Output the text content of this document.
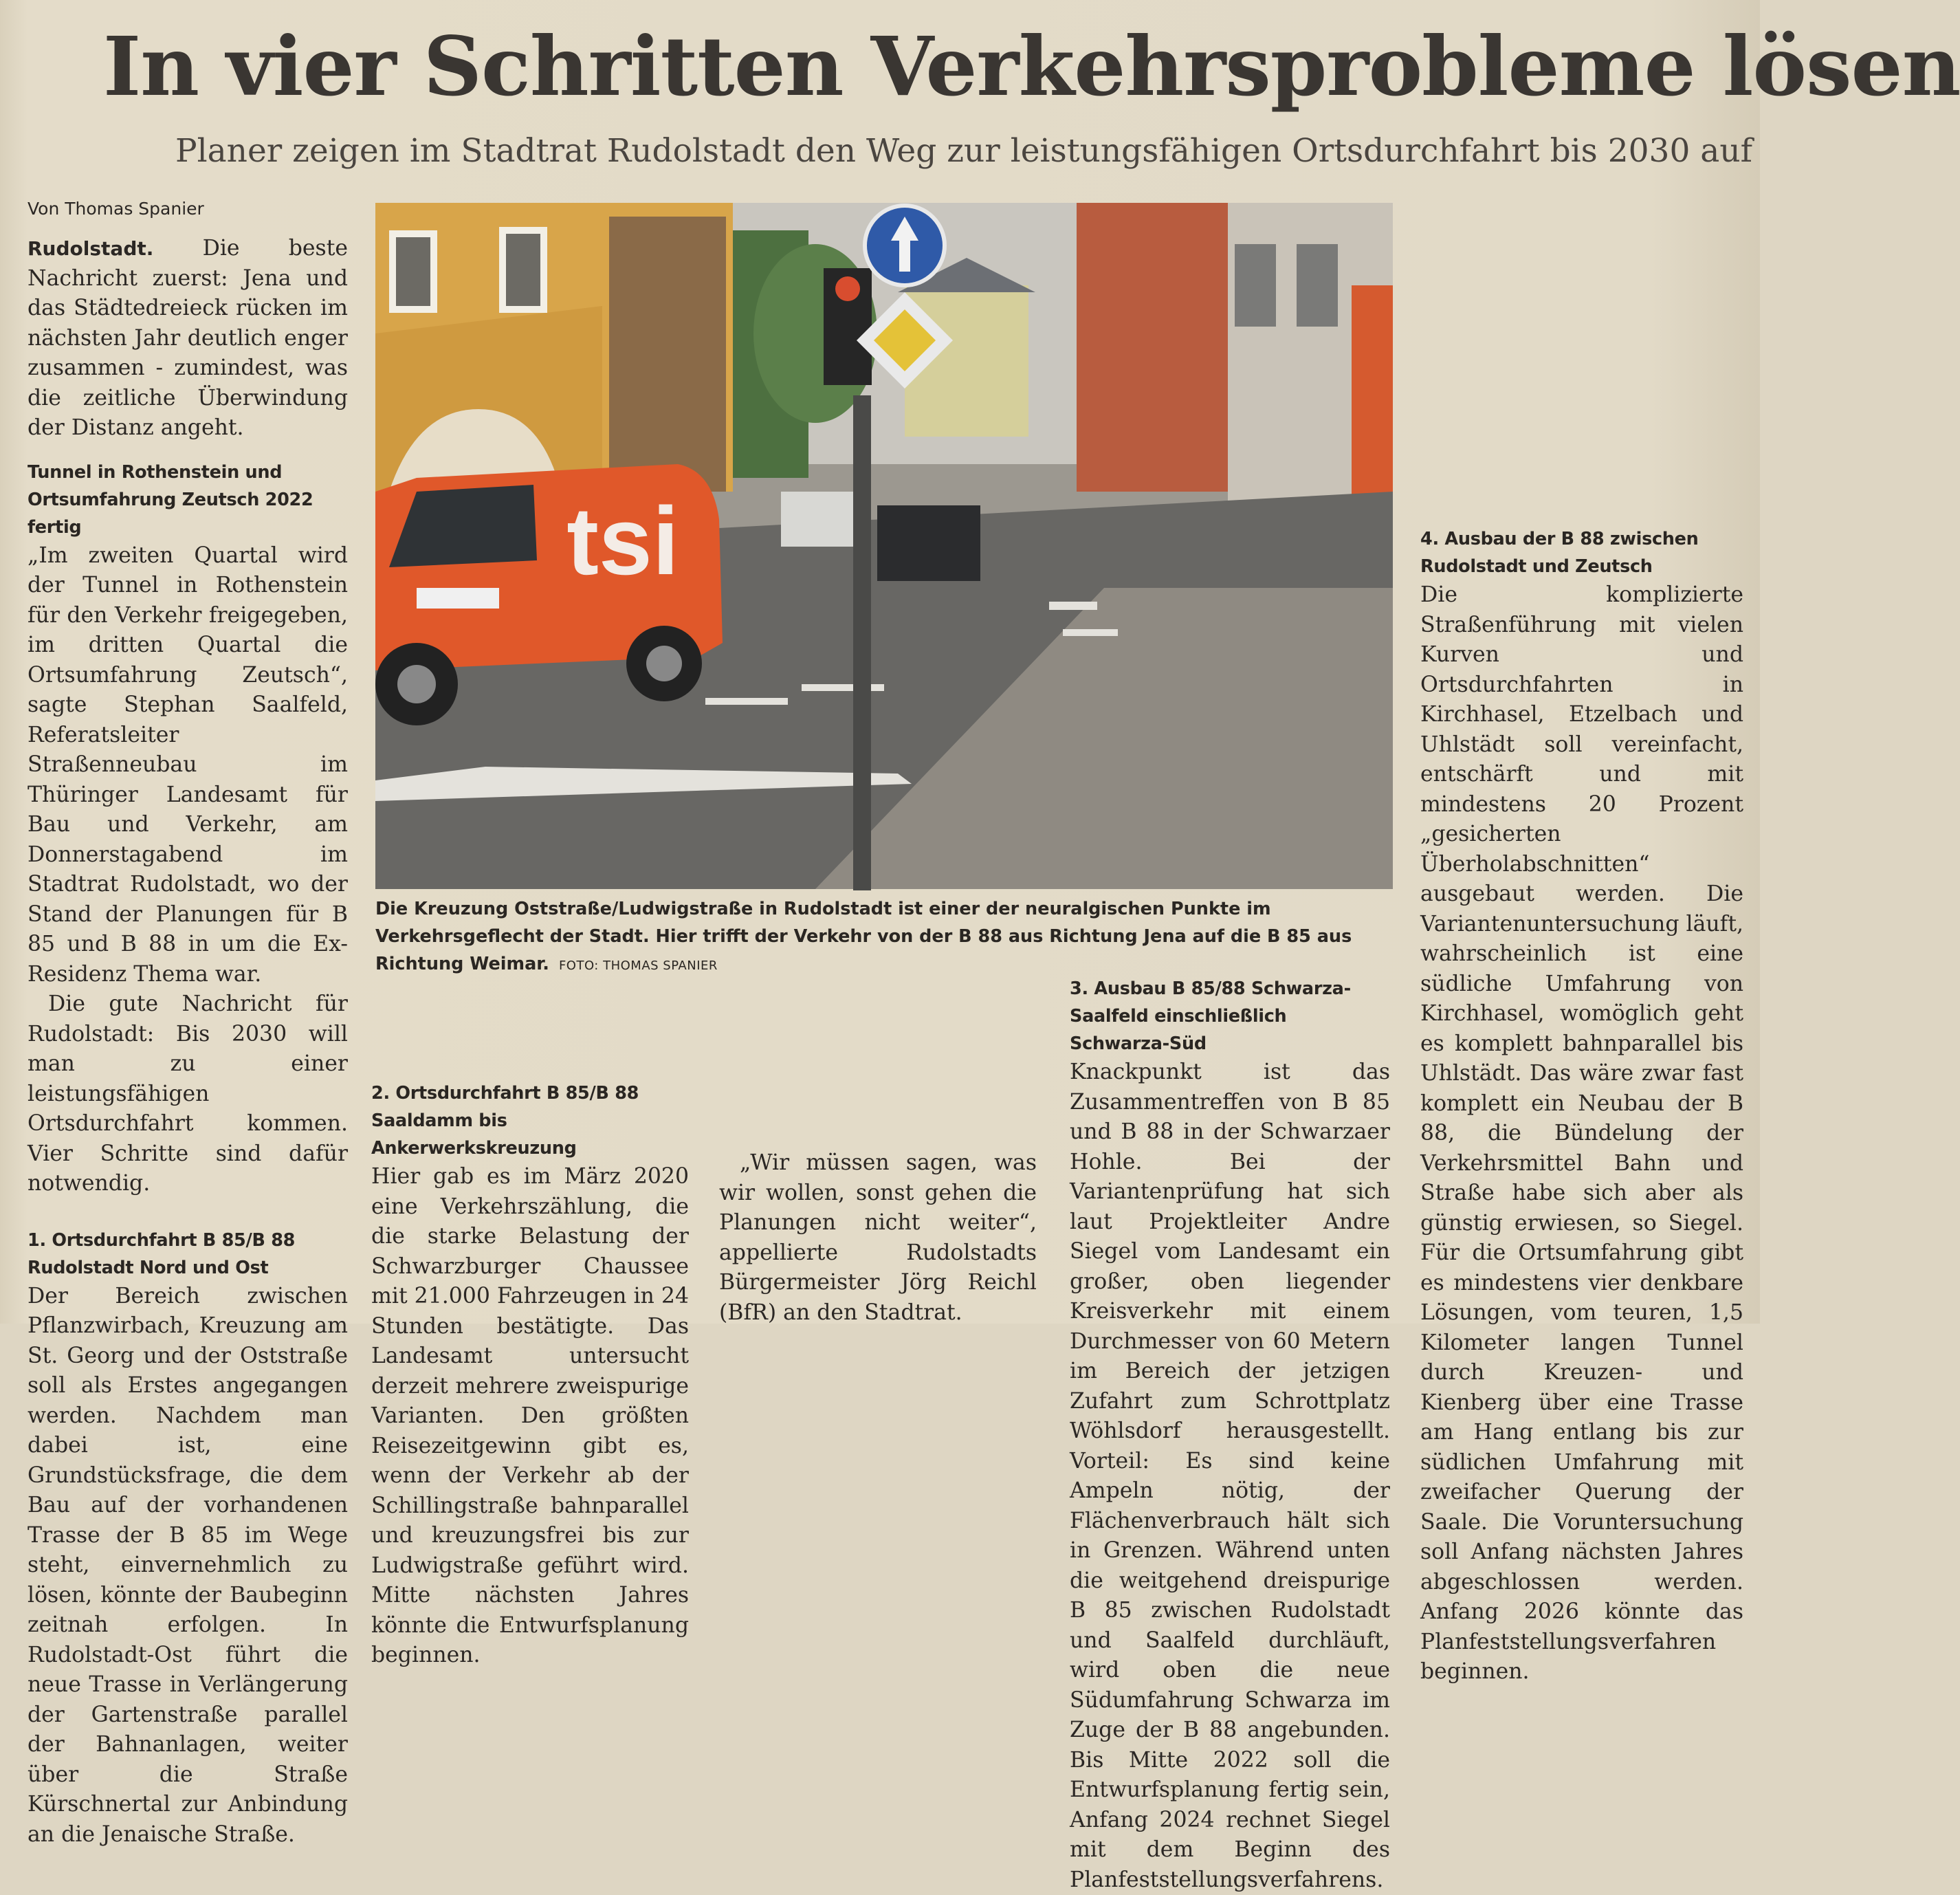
In vier Schritten Verkehrsprobleme lösen
Planer zeigen im Stadtrat Rudolstadt den Weg zur leistungsfähigen Ortsdurchfahrt bis 2030 auf
Von Thomas Spanier

Rudolstadt. Die beste Nachricht zuerst: Jena und das Städtedreieck rücken im nächsten Jahr deutlich enger zusammen - zumindest, was die zeitliche Überwindung der Distanz angeht.

Tunnel in Rothenstein und Ortsumfahrung Zeutsch 2022 fertig

„Im zweiten Quartal wird der Tunnel in Rothenstein für den Verkehr freigegeben, im dritten Quartal die Ortsumfahrung Zeutsch“, sagte Stephan Saalfeld, Referatsleiter Straßenneubau im Thüringer Landesamt für Bau und Verkehr, am Donnerstagabend im Stadtrat Rudolstadt, wo der Stand der Planungen für B 85 und B 88 in um die Ex-Residenz Thema war.

Die gute Nachricht für Rudolstadt: Bis 2030 will man zu einer leistungsfähigen Ortsdurchfahrt kommen. Vier Schritte sind dafür notwendig.

1. Ortsdurchfahrt B 85/B 88 Rudolstadt Nord und Ost

Der Bereich zwischen Pflanzwirbach, Kreuzung am St. Georg und der Oststraße soll als Erstes angegangen werden. Nachdem man dabei ist, eine Grundstücksfrage, die dem Bau auf der vorhandenen Trasse der B 85 im Wege steht, einvernehmlich zu lösen, könnte der Baubeginn zeitnah erfolgen. In Rudolstadt-Ost führt die neue Trasse in Verlängerung der Gartenstraße parallel der Bahnanlagen, weiter über die Straße Kürschnertal zur Anbindung an die Jenaische Straße.

tsi
Die Kreuzung Oststraße/Ludwigstraße in Rudolstadt ist einer der neuralgischen Punkte im Verkehrsgeflecht der Stadt. Hier trifft der Verkehr von der B 88 aus Richtung Jena auf die B 85 aus Richtung Weimar. FOTO: THOMAS SPANIER

2. Ortsdurchfahrt B 85/B 88 Saaldamm bis Ankerwerkskreuzung

Hier gab es im März 2020 eine Verkehrszählung, die die starke Belastung der Schwarzburger Chaussee mit 21.000 Fahrzeugen in 24 Stunden bestätigte. Das Landesamt untersucht derzeit mehrere zweispurige Varianten. Den größten Reisezeitgewinn gibt es, wenn der Verkehr ab der Schillingstraße bahnparallel und kreuzungsfrei bis zur Ludwigstraße geführt wird. Mitte nächsten Jahres könnte die Entwurfsplanung beginnen.

„Wir müssen sagen, was wir wollen, sonst gehen die Planungen nicht weiter“, appellierte Rudolstadts Bürgermeister Jörg Reichl (BfR) an den Stadtrat.

3. Ausbau B 85/88 Schwarza-Saalfeld einschließlich Schwarza-Süd

Knackpunkt ist das Zusammentreffen von B 85 und B 88 in der Schwarzaer Hohle. Bei der Variantenprüfung hat sich laut Projektleiter Andre Siegel vom Landesamt ein großer, oben liegender Kreisverkehr mit einem Durchmesser von 60 Metern im Bereich der jetzigen Zufahrt zum Schrottplatz Wöhlsdorf herausgestellt. Vorteil: Es sind keine Ampeln nötig, der Flächenverbrauch hält sich in Grenzen. Während unten die weitgehend dreispurige B 85 zwischen Rudolstadt und Saalfeld durchläuft, wird oben die neue Südumfahrung Schwarza im Zuge der B 88 angebunden. Bis Mitte 2022 soll die Entwurfsplanung fertig sein, Anfang 2024 rechnet Siegel mit dem Beginn des Planfeststellungsverfahrens.

4. Ausbau der B 88 zwischen Rudolstadt und Zeutsch

Die komplizierte Straßenführung mit vielen Kurven und Ortsdurchfahrten in Kirchhasel, Etzelbach und Uhlstädt soll vereinfacht, entschärft und mit mindestens 20 Prozent „gesicherten Überholabschnitten“ ausgebaut werden. Die Variantenuntersuchung läuft, wahrscheinlich ist eine südliche Umfahrung von Kirchhasel, womöglich geht es komplett bahnparallel bis Uhlstädt. Das wäre zwar fast komplett ein Neubau der B 88, die Bündelung der Verkehrsmittel Bahn und Straße habe sich aber als günstig erwiesen, so Siegel. Für die Ortsumfahrung gibt es mindestens vier denkbare Lösungen, vom teuren, 1,5 Kilometer langen Tunnel durch Kreuzen- und Kienberg über eine Trasse am Hang entlang bis zur südlichen Umfahrung mit zweifacher Querung der Saale. Die Voruntersuchung soll Anfang nächsten Jahres abgeschlossen werden. Anfang 2026 könnte das Planfeststellungsverfahren beginnen.
